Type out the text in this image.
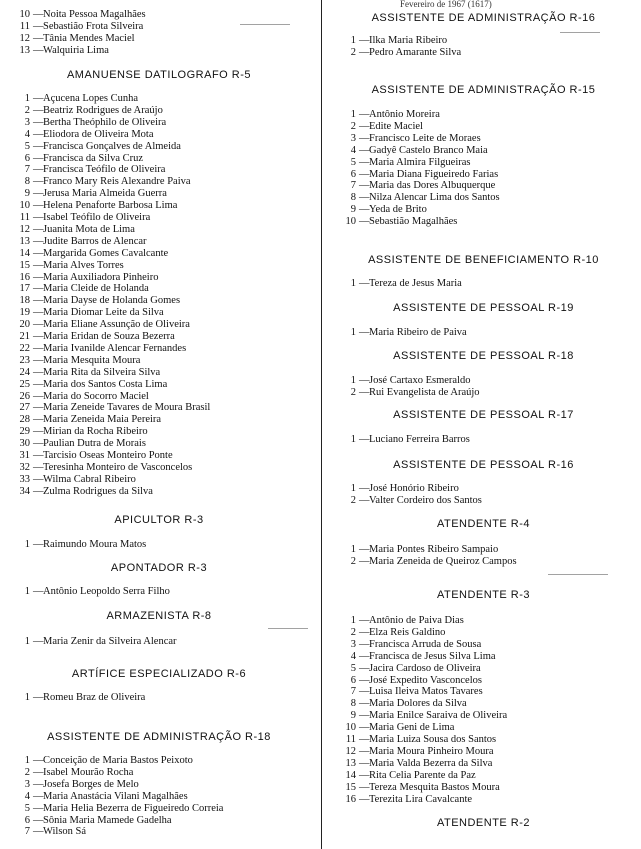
Fevereiro de 1967 (1617)
10 —Noita Pessoa Magalhães
11 —Sebastião Frota Silveira
12 —Tânia Mendes Maciel
13 —Walquiria Lima
AMANUENSE DATILOGRAFO R-5
1 —Açucena Lopes Cunha
2 —Beatriz Rodrigues de Araújo
3 —Bertha Theóphilo de Oliveira
4 —Eliodora de Oliveira Mota
5 —Francisca Gonçalves de Almeida
6 —Francisca da Silva Cruz
7 —Francisca Teófilo de Oliveira
8 —Franco Mary Reis Alexandre Paiva
9 —Jerusa Maria Almeida Guerra
10 —Helena Penaforte Barbosa Lima
11 —Isabel Teófilo de Oliveira
12 —Juanita Mota de Lima
13 —Judite Barros de Alencar
14 —Margarida Gomes Cavalcante
15 —Maria Alves Torres
16 —Maria Auxiliadora Pinheiro
17 —Maria Cleide de Holanda
18 —Maria Dayse de Holanda Gomes
19 —Maria Diomar Leite da Silva
20 —Maria Eliane Assunção de Oliveira
21 —Maria Eridan de Souza Bezerra
22 —Maria Ivanilde Alencar Fernandes
23 —Maria Mesquita Moura
24 —Maria Rita da Silveira Silva
25 —Maria dos Santos Costa Lima
26 —Maria do Socorro Maciel
27 —Maria Zeneide Tavares de Moura Brasil
28 —Maria Zeneida Maia Pereira
29 —Mirian da Rocha Ribeiro
30 —Paulian Dutra de Morais
31 —Tarcisio Oseas Monteiro Ponte
32 —Teresinha Monteiro de Vasconcelos
33 —Wilma Cabral Ribeiro
34 —Zulma Rodrigues da Silva
APICULTOR R-3
1 —Raimundo Moura Matos
APONTADOR R-3
1 —Antônio Leopoldo Serra Filho
ARMAZENISTA R-8
1 —Maria Zenir da Silveira Alencar
ARTÍFICE ESPECIALIZADO R-6
1 —Romeu Braz de Oliveira
ASSISTENTE DE ADMINISTRAÇÃO R-18
1 —Conceição de Maria Bastos Peixoto
2 —Isabel Mourão Rocha
3 —Josefa Borges de Melo
4 —Maria Anastácia Vilani Magalhães
5 —Maria Helia Bezerra de Figueiredo Correia
6 —Sônia Maria Mamede Gadelha
7 —Wilson Sá
ASSISTENTE DE ADMINISTRAÇÃO R-16
1 —Ilka Maria Ribeiro
2 —Pedro Amarante Silva
ASSISTENTE DE ADMINISTRAÇÃO R-15
1 —Antônio Moreira
2 —Edite Maciel
3 —Francisco Leite de Moraes
4 —Gadyê Castelo Branco Maia
5 —Maria Almira Filgueiras
6 —Maria Diana Figueiredo Farias
7 —Maria das Dores Albuquerque
8 —Nilza Alencar Lima dos Santos
9 —Yeda de Brito
10 —Sebastião Magalhães
ASSISTENTE DE BENEFICIAMENTO R-10
1 —Tereza de Jesus Maria
ASSISTENTE DE PESSOAL R-19
1 —Maria Ribeiro de Paiva
ASSISTENTE DE PESSOAL R-18
1 —José Cartaxo Esmeraldo
2 —Rui Evangelista de Araújo
ASSISTENTE DE PESSOAL R-17
1 —Luciano Ferreira Barros
ASSISTENTE DE PESSOAL R-16
1 —José Honório Ribeiro
2 —Valter Cordeiro dos Santos
ATENDENTE R-4
1 —Maria Pontes Ribeiro Sampaio
2 —Maria Zeneida de Queiroz Campos
ATENDENTE R-3
1 —Antônio de Paiva Dias
2 —Elza Reis Galdino
3 —Francisca Arruda de Sousa
4 —Francisca de Jesus Silva Lima
5 —Jacira Cardoso de Oliveira
6 —José Expedito Vasconcelos
7 —Luisa Ileiva Matos Tavares
8 —Maria Dolores da Silva
9 —Maria Enilce Saraiva de Oliveira
10 —Maria Geni de Lima
11 —Maria Luiza Sousa dos Santos
12 —Maria Moura Pinheiro Moura
13 —Maria Valda Bezerra da Silva
14 —Rita Celia Parente da Paz
15 —Tereza Mesquita Bastos Moura
16 —Terezita Lira Cavalcante
ATENDENTE R-2
